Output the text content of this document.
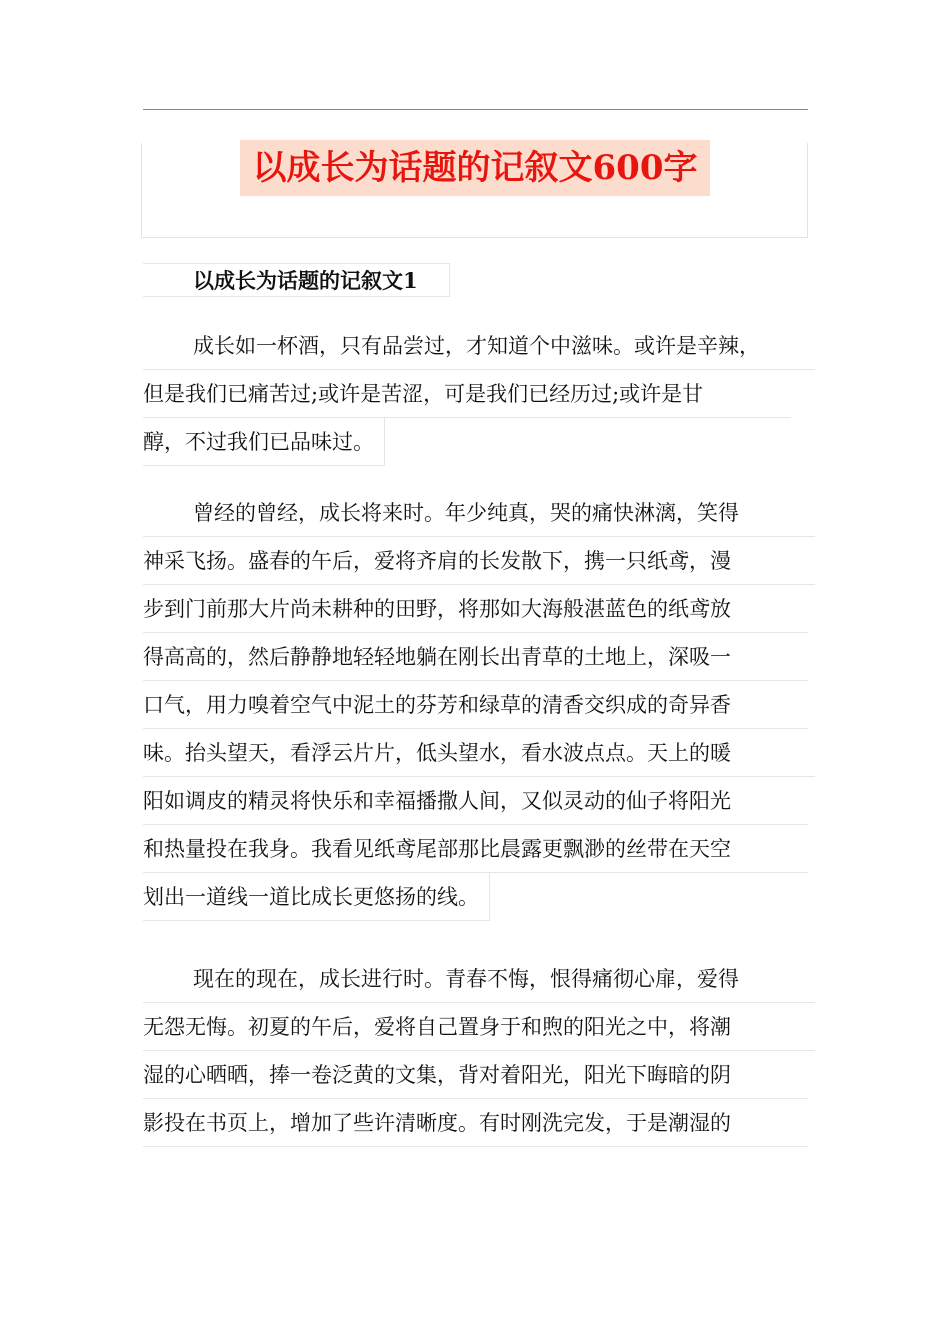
以成长为话题的记叙文600字
以成长为话题的记叙文1
成长如一杯酒，只有品尝过，才知道个中滋味。或许是辛辣，
但是我们已痛苦过;或许是苦涩，可是我们已经历过;或许是甘
醇，不过我们已品味过。
曾经的曾经，成长将来时。年少纯真，哭的痛快淋漓，笑得
神采飞扬。盛春的午后，爱将齐肩的长发散下，携一只纸鸢，漫
步到门前那大片尚未耕种的田野，将那如大海般湛蓝色的纸鸢放
得高高的，然后静静地轻轻地躺在刚长出青草的土地上，深吸一
口气，用力嗅着空气中泥土的芬芳和绿草的清香交织成的奇异香
味。抬头望天，看浮云片片，低头望水，看水波点点。天上的暖
阳如调皮的精灵将快乐和幸福播撒人间，又似灵动的仙子将阳光
和热量投在我身。我看见纸鸢尾部那比晨露更飘渺的丝带在天空
划出一道线一道比成长更悠扬的线。
现在的现在，成长进行时。青春不悔，恨得痛彻心扉，爱得
无怨无悔。初夏的午后，爱将自己置身于和煦的阳光之中，将潮
湿的心晒晒，捧一卷泛黄的文集，背对着阳光，阳光下晦暗的阴
影投在书页上，增加了些许清晰度。有时刚洗完发，于是潮湿的
